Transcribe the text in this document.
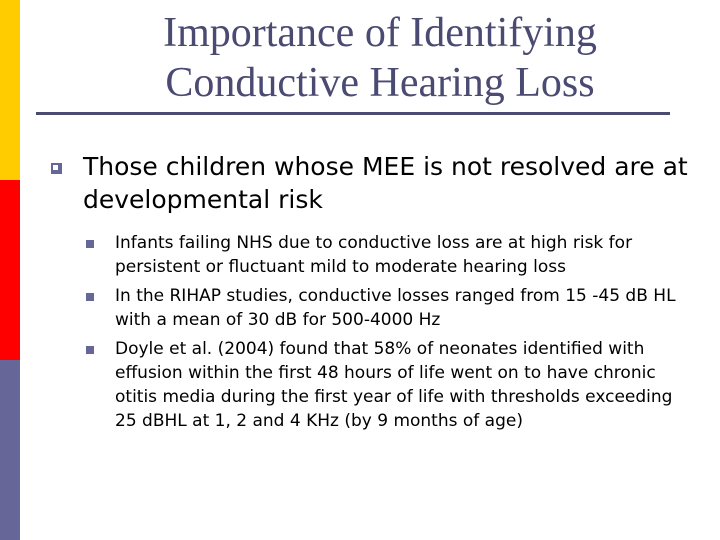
Importance of Identifying
Conductive Hearing Loss
Those children whose MEE is not resolved are at developmental risk
Infants failing NHS due to conductive loss are at high risk for persistent or fluctuant mild to moderate hearing loss
In the RIHAP studies, conductive losses ranged from 15 -45 dB HL with a mean of 30 dB for 500-4000 Hz
Doyle et al. (2004) found that 58% of neonates identified with effusion within the first 48 hours of life went on to have chronic otitis media during the first year of life with thresholds exceeding 25 dBHL at 1, 2 and 4 KHz (by 9 months of age)
